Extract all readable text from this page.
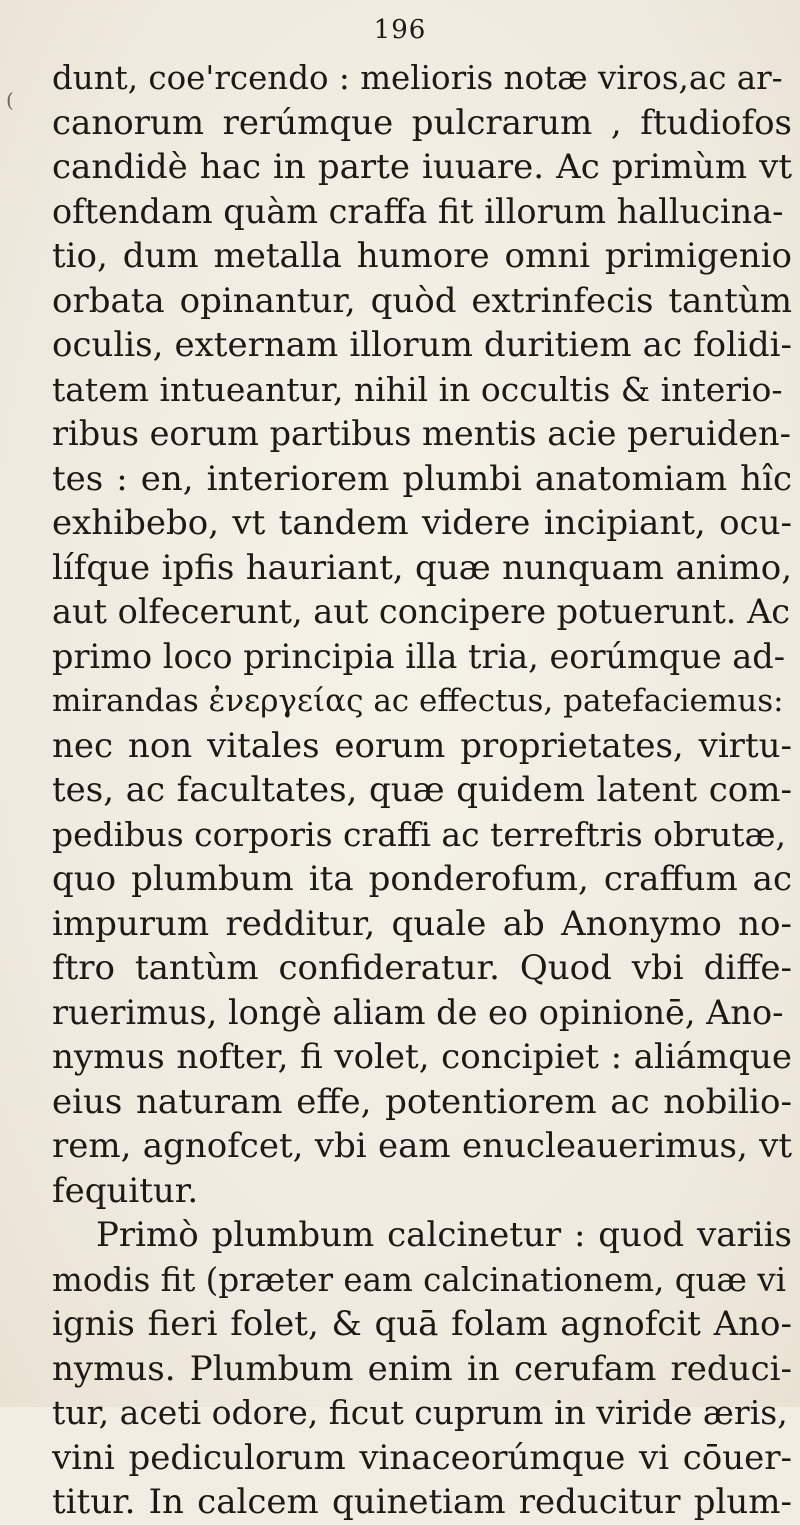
196
(
dunt, coe'rcendo : melioris notæ viros,ac ar-
canorum rerúmque pulcrarum , ftudiofos
candidè hac in parte iuuare. Ac primùm vt
oftendam quàm craffa fit illorum hallucina-
tio, dum metalla humore omni primigenio
orbata opinantur, quòd extrinfecis tantùm
oculis, externam illorum duritiem ac folidi-
tatem intueantur, nihil in occultis & interio-
ribus eorum partibus mentis acie peruiden-
tes : en, interiorem plumbi anatomiam hîc
exhibebo, vt tandem videre incipiant, ocu-
lífque ipfis hauriant, quæ nunquam animo,
aut olfecerunt, aut concipere potuerunt. Ac
primo loco principia illa tria, eorúmque ad-
mirandas ἐνεργείας ac effectus, patefaciemus:
nec non vitales eorum proprietates, virtu-
tes, ac facultates, quæ quidem latent com-
pedibus corporis craffi ac terreftris obrutæ,
quo plumbum ita ponderofum, craffum ac
impurum redditur, quale ab Anonymo no-
ftro tantùm confideratur. Quod vbi diffe-
ruerimus, longè aliam de eo opinionē, Ano-
nymus nofter, fi volet, concipiet : aliámque
eius naturam effe, potentiorem ac nobilio-
rem, agnofcet, vbi eam enucleauerimus, vt
fequitur.
Primò plumbum calcinetur : quod variis
modis fit (præter eam calcinationem, quæ vi
ignis fieri folet, & quā folam agnofcit Ano-
nymus. Plumbum enim in cerufam reduci-
tur, aceti odore, ficut cuprum in viride æris,
vini pediculorum vinaceorúmque vi cōuer-
titur. In calcem quinetiam reducitur plum-
